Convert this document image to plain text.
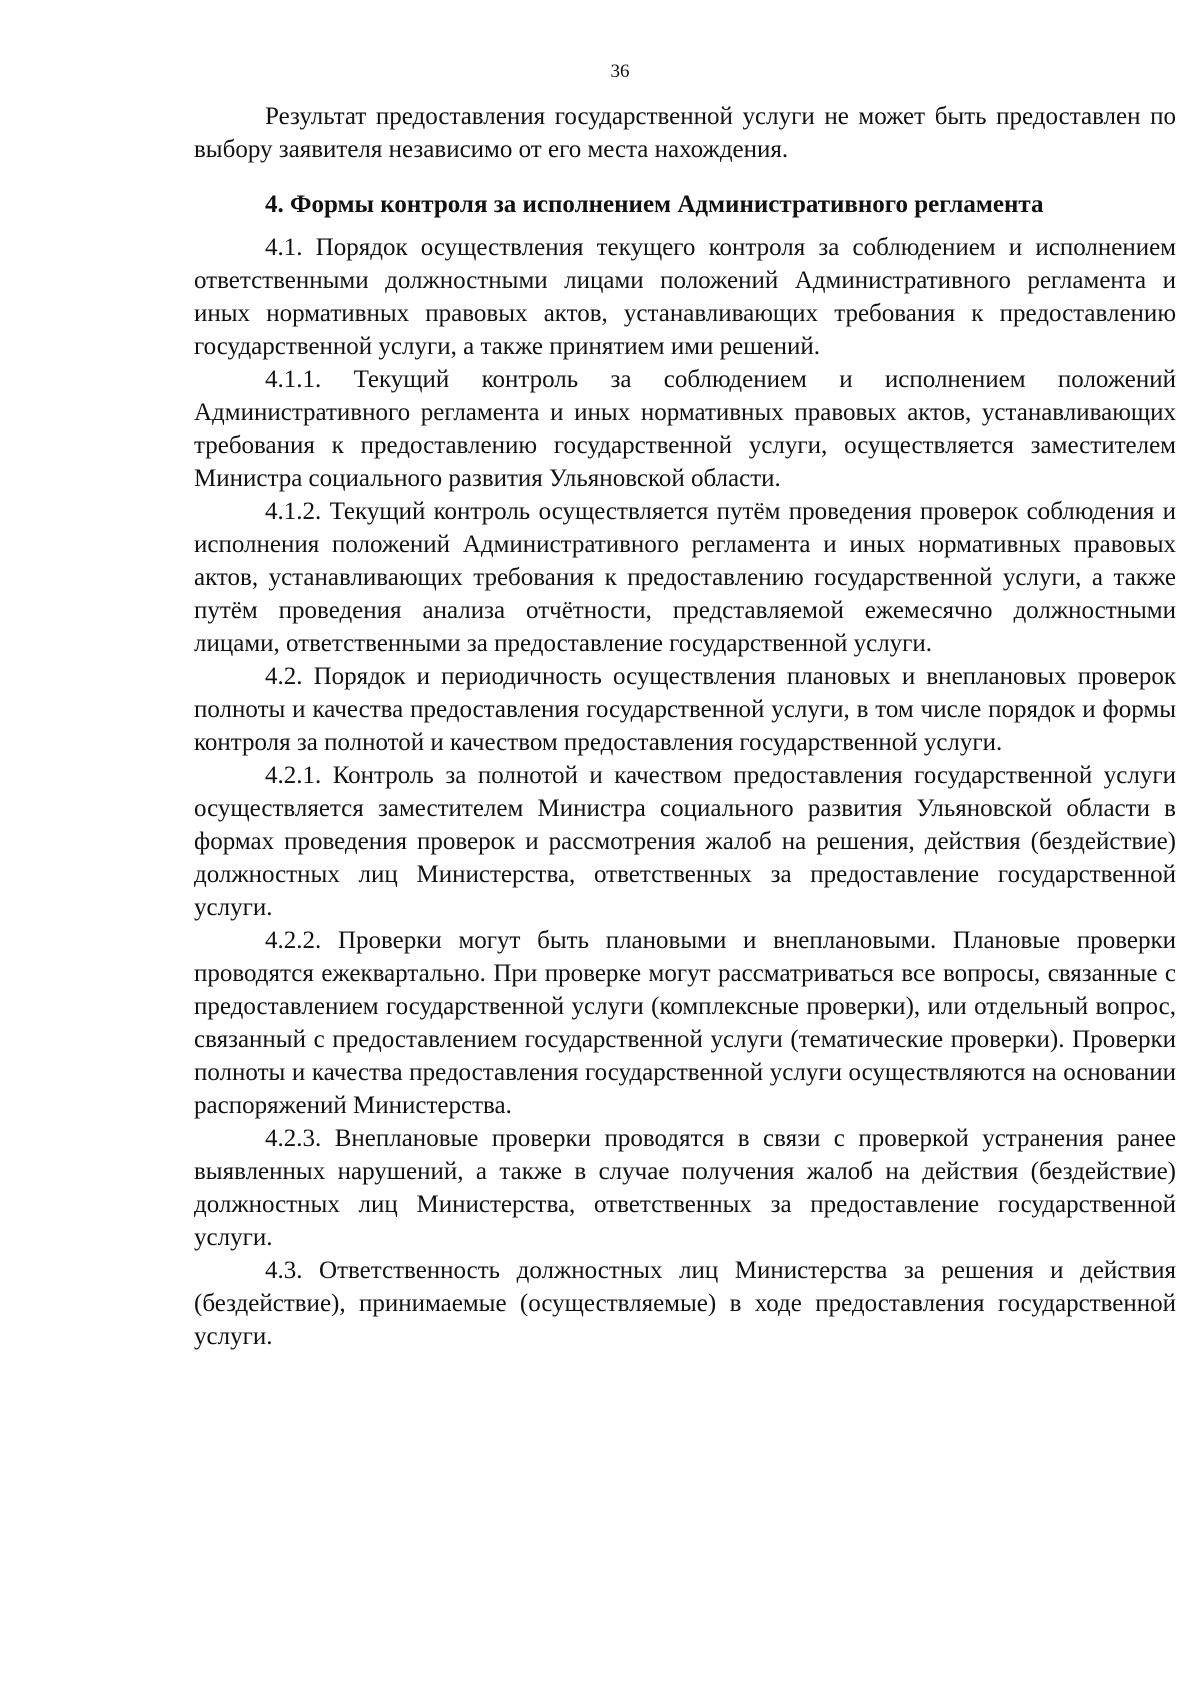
36

Результат предоставления государственной услуги не может быть предоставлен по выбору заявителя независимо от его места нахождения.

4. Формы контроля за исполнением Административного регламента

4.1. Порядок осуществления текущего контроля за соблюдением и исполнением ответственными должностными лицами положений Административного регламента и иных нормативных правовых актов, устанавливающих требования к предоставлению государственной услуги, а также принятием ими решений.

4.1.1. Текущий контроль за соблюдением и исполнением положений Административного регламента и иных нормативных правовых актов, устанавливающих требования к предоставлению государственной услуги, осуществляется заместителем Министра социального развития Ульяновской области.

4.1.2. Текущий контроль осуществляется путём проведения проверок соблюдения и исполнения положений Административного регламента и иных нормативных правовых актов, устанавливающих требования к предоставлению государственной услуги, а также путём проведения анализа отчётности, представляемой ежемесячно должностными лицами, ответственными за предоставление государственной услуги.

4.2. Порядок и периодичность осуществления плановых и внеплановых проверок полноты и качества предоставления государственной услуги, в том числе порядок и формы контроля за полнотой и качеством предоставления государственной услуги.

4.2.1. Контроль за полнотой и качеством предоставления государственной услуги осуществляется заместителем Министра социального развития Ульяновской области в формах проведения проверок и рассмотрения жалоб на решения, действия (бездействие) должностных лиц Министерства, ответственных за предоставление государственной услуги.

4.2.2. Проверки могут быть плановыми и внеплановыми. Плановые проверки проводятся ежеквартально. При проверке могут рассматриваться все вопросы, связанные с предоставлением государственной услуги (комплексные проверки), или отдельный вопрос, связанный с предоставлением государственной услуги (тематические проверки). Проверки полноты и качества предоставления государственной услуги осуществляются на основании распоряжений Министерства.

4.2.3. Внеплановые проверки проводятся в связи с проверкой устранения ранее выявленных нарушений, а также в случае получения жалоб на действия (бездействие) должностных лиц Министерства, ответственных за предоставление государственной услуги.

4.3. Ответственность должностных лиц Министерства за решения и действия (бездействие), принимаемые (осуществляемые) в ходе предоставления государственной услуги.
